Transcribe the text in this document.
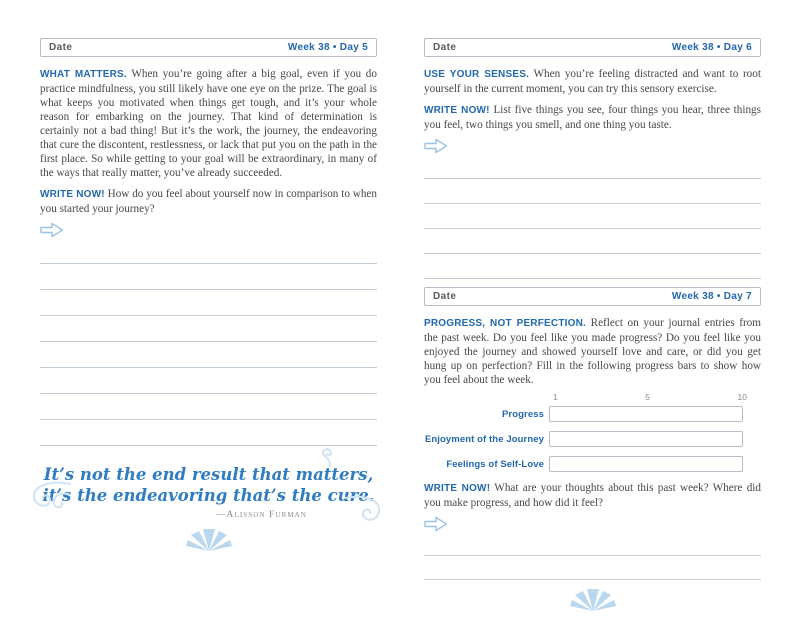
Date	Week 38 • Day 5

WHAT MATTERS. When you’re going after a big goal, even if you do practice mindfulness, you still likely have one eye on the prize. The goal is what keeps you motivated when things get tough, and it’s your whole reason for embarking on the journey. That kind of determination is certainly not a bad thing! But it’s the work, the journey, the endeavoring that cure the discontent, restlessness, or lack that put you on the path in the first place. So while getting to your goal will be extraordinary, in many of the ways that really matter, you’ve already succeeded.

WRITE NOW! How do you feel about yourself now in comparison to when you started your journey?

It’s not the end result that matters,
it’s the endeavoring that’s the cure.
—Alisson Furman
Date	Week 38 • Day 6

USE YOUR SENSES. When you’re feeling distracted and want to root yourself in the current moment, you can try this sensory exercise.

WRITE NOW! List five things you see, four things you hear, three things you feel, two things you smell, and one thing you taste.

Date	Week 38 • Day 7

PROGRESS, NOT PERFECTION. Reflect on your journal entries from the past week. Do you feel like you made progress? Do you feel like you enjoyed the journey and showed yourself love and care, or did you get hung up on perfection? Fill in the following progress bars to show how you feel about the week.

1	5	10
Progress
Enjoyment of the Journey
Feelings of Self-Love

WRITE NOW! What are your thoughts about this past week? Where did you make progress, and how did it feel?
